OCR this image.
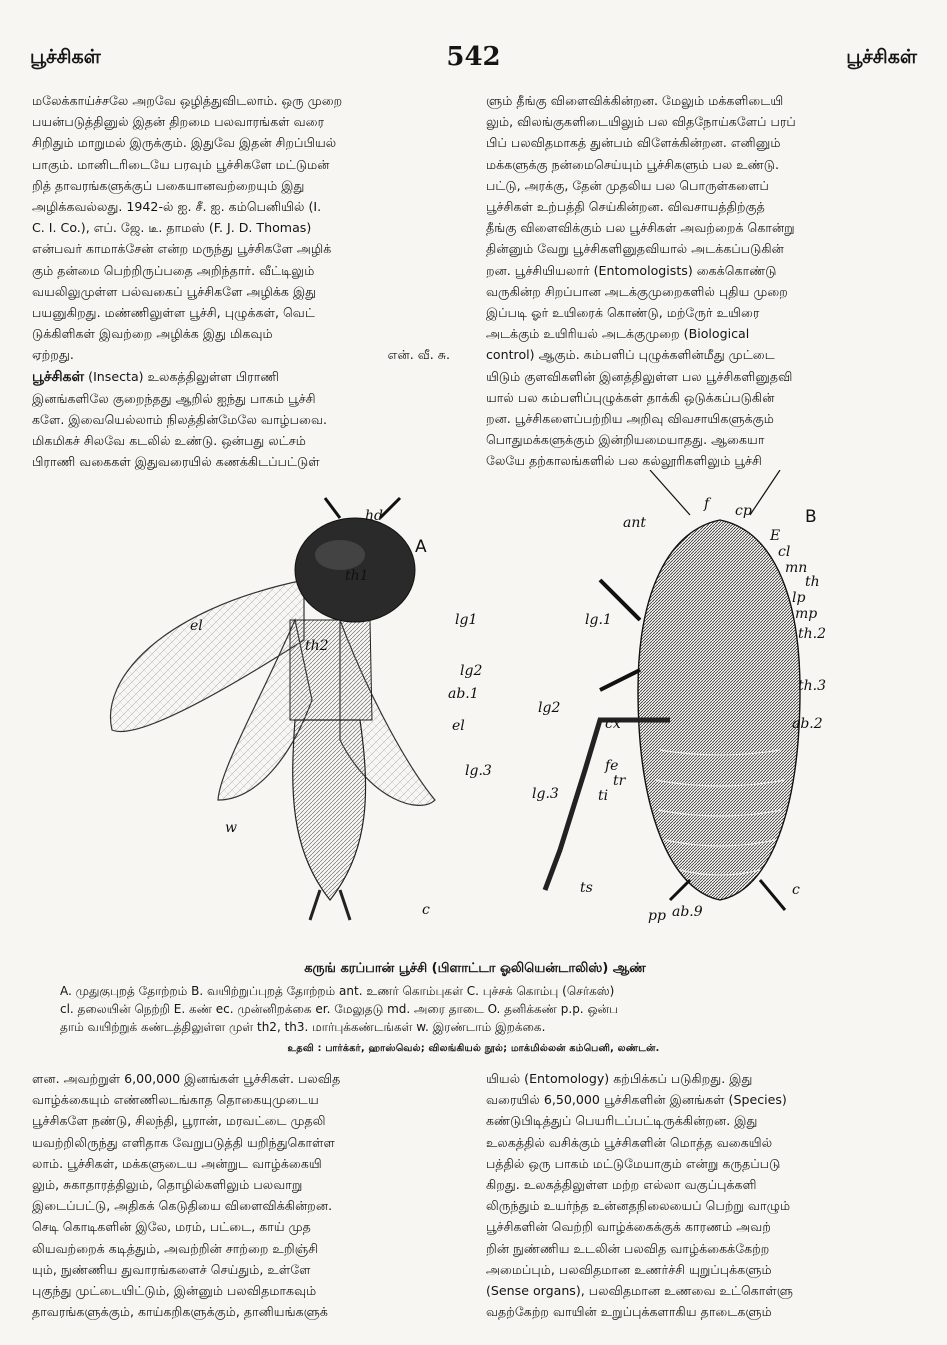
பூச்சிகள்	542	பூச்சிகள்
மலேக்காய்ச்சலே அறவே ஒழித்துவிடலாம். ஒரு முறை
பயன்படுத்தினுல் இதன் திறமை பலவாரங்கள் வரை
சிறிதும் மாறுமல் இருக்கும். இதுவே இதன் சிறப்பியல்
பாகும். மானிடரிடையே பரவும் பூச்சிகளே மட்டுமன்
றித் தாவரங்களுக்குப் பகையானவற்றையும் இது
அழிக்கவல்லது. 1942-ல் ஐ. சீ. ஐ. கம்பெனியில் (I.
C. I. Co.), எப். ஜே. டீ. தாமஸ் (F. J. D. Thomas)
என்பவர் காமாக்சேன் என்ற மருந்து பூச்சிகளே அழிக்
கும் தன்மை பெற்றிருப்பதை அறிந்தார். வீட்டிலும்
வயலிலுமுள்ள பல்வகைப் பூச்சிகளே அழிக்க இது
பயனுகிறது. மண்ணிலுள்ள பூச்சி, புழுக்கள், வெட்
டுக்கிளிகள் இவற்றை அழிக்க இது மிகவும்
ஏற்றது.	என். வீ. சு.
பூச்சிகள் (Insecta) உலகத்திலுள்ள பிராணி
இனங்களிலே குறைந்தது ஆறில் ஐந்து பாகம் பூச்சி
களே. இவையெல்லாம் நிலத்தின்மேலே வாழ்பவை.
மிகமிகச் சிலவே கடலில் உண்டு. ஒன்பது லட்சம்
பிராணி வகைகள் இதுவரையில் கணக்கிடப்பட்டுள்
ளும் தீங்கு விளைவிக்கின்றன. மேலும் மக்களிடையி
லும், விலங்குகளிடையிலும் பல விதநோய்களேப் பரப்
பிப் பலவிதமாகத் துன்பம் விளேக்கின்றன. எனினும்
மக்களுக்கு நன்மைசெய்யும் பூச்சிகளும் பல உண்டு.
பட்டு, அரக்கு, தேன் முதலிய பல பொருள்களைப்
பூச்சிகள் உற்பத்தி செய்கின்றன. விவசாயத்திற்குத்
தீங்கு விளைவிக்கும் பல பூச்சிகள் அவற்றைக் கொன்று
தின்னும் வேறு பூச்சிகளினுதவியால் அடக்கப்படுகின்
றன. பூச்சியியலார் (Entomologists) கைக்கொண்டு
வருகின்ற சிறப்பான அடக்குமுறைகளில் புதிய முறை
இப்படி ஓர் உயிரைக் கொண்டு, மற்ருேர் உயிரை
அடக்கும் உயிரியல் அடக்குமுறை (Biological
control) ஆகும். கம்பளிப் புழுக்களின்மீது முட்டை
யிடும் குளவிகளின் இனத்திலுள்ள பல பூச்சிகளினுதவி
யால் பல கம்பளிப்புழுக்கள் தாக்கி ஒடுக்கப்படுகின்
றன. பூச்சிகளைப்பற்றிய அறிவு விவசாயிகளுக்கும்
பொதுமக்களுக்கும் இன்றியமையாதது. ஆகையா
லேயே தற்காலங்களில் பல கல்லூரிகளிலும் பூச்சி
hd
A
th1
el
th2
lg1
lg2
ab.1
el
lg.3
w
c
ant
f cp	B
E
cl
mn
th
lp
mp
th.2
lg.1
lg2
th.3
cx	ab.2
fe
tr
ti
lg.3
ts
pp ab.9
c
கருங் கரப்பான் பூச்சி (பிளாட்டா ஓலியென்டாலிஸ்) ஆண்
A. முதுகுபுறத் தோற்றம் B. வயிற்றுப்புறத் தோற்றம் ant. உணர் கொம்புகள் C. புச்சக் கொம்பு (செர்கஸ்)
cl. தலையின் நெற்றி E. கண் ec. முன்னிறக்கை er. மேலுதடு md. அரை தாடை O. தனிக்கண் p.p. ஒன்ப
தாம் வயிற்றுக் கண்டத்திலுள்ள முள் th2, th3. மார்புக்கண்டங்கள் w. இரண்டாம் இறக்கை.
உதவி : பார்க்கர், ஹாஸ்வெல்; விலங்கியல் நூல்; மாக்மில்லன் கம்பெனி, லண்டன்.
ளன. அவற்றுள் 6,00,000 இனங்கள் பூச்சிகள். பலவித
வாழ்க்கையும் எண்ணிலடங்காத தொகையுமுடைய
பூச்சிகளே நண்டு, சிலந்தி, பூரான், மரவட்டை முதலி
யவற்றிலிருந்து எளிதாக வேறுபடுத்தி யறிந்துகொள்ள
லாம். பூச்சிகள், மக்களுடைய அன்றுட வாழ்க்கையி
லும், சுகாதாரத்திலும், தொழில்களிலும் பலவாறு
இடைப்பட்டு, அதிகக் கெடுதியை விளைவிக்கின்றன.
செடி கொடிகளின் இலே, மரம், பட்டை, காய் முத
லியவற்றைக் கடித்தும், அவற்றின் சாற்றை உறிஞ்சி
யும், நுண்ணிய துவாரங்களைச் செய்தும், உள்ளே
புகுந்து முட்டையிட்டும், இன்னும் பலவிதமாகவும்
தாவரங்களுக்கும், காய்கறிகளுக்கும், தானியங்களுக்
யியல் (Entomology) கற்பிக்கப் படுகிறது. இது
வரையில் 6,50,000 பூச்சிகளின் இனங்கள் (Species)
கண்டுபிடித்துப் பெயரிடப்பட்டிருக்கின்றன. இது
உலகத்தில் வசிக்கும் பூச்சிகளின் மொத்த வகையில்
பத்தில் ஒரு பாகம் மட்டுமேயாகும் என்று கருதப்படு
கிறது. உலகத்திலுள்ள மற்ற எல்லா வகுப்புக்களி
லிருந்தும் உயர்ந்த உன்னதநிலையைப் பெற்று வாழும்
பூச்சிகளின் வெற்றி வாழ்க்கைக்குக் காரணம் அவற்
றின் நுண்ணிய உடலின் பலவித வாழ்க்கைக்கேற்ற
அமைப்பும், பலவிதமான உணர்ச்சி யுறுப்புக்களும்
(Sense organs), பலவிதமான உணவை உட்கொள்ளு
வதற்கேற்ற வாயின் உறுப்புக்களாகிய தாடைகளும்
